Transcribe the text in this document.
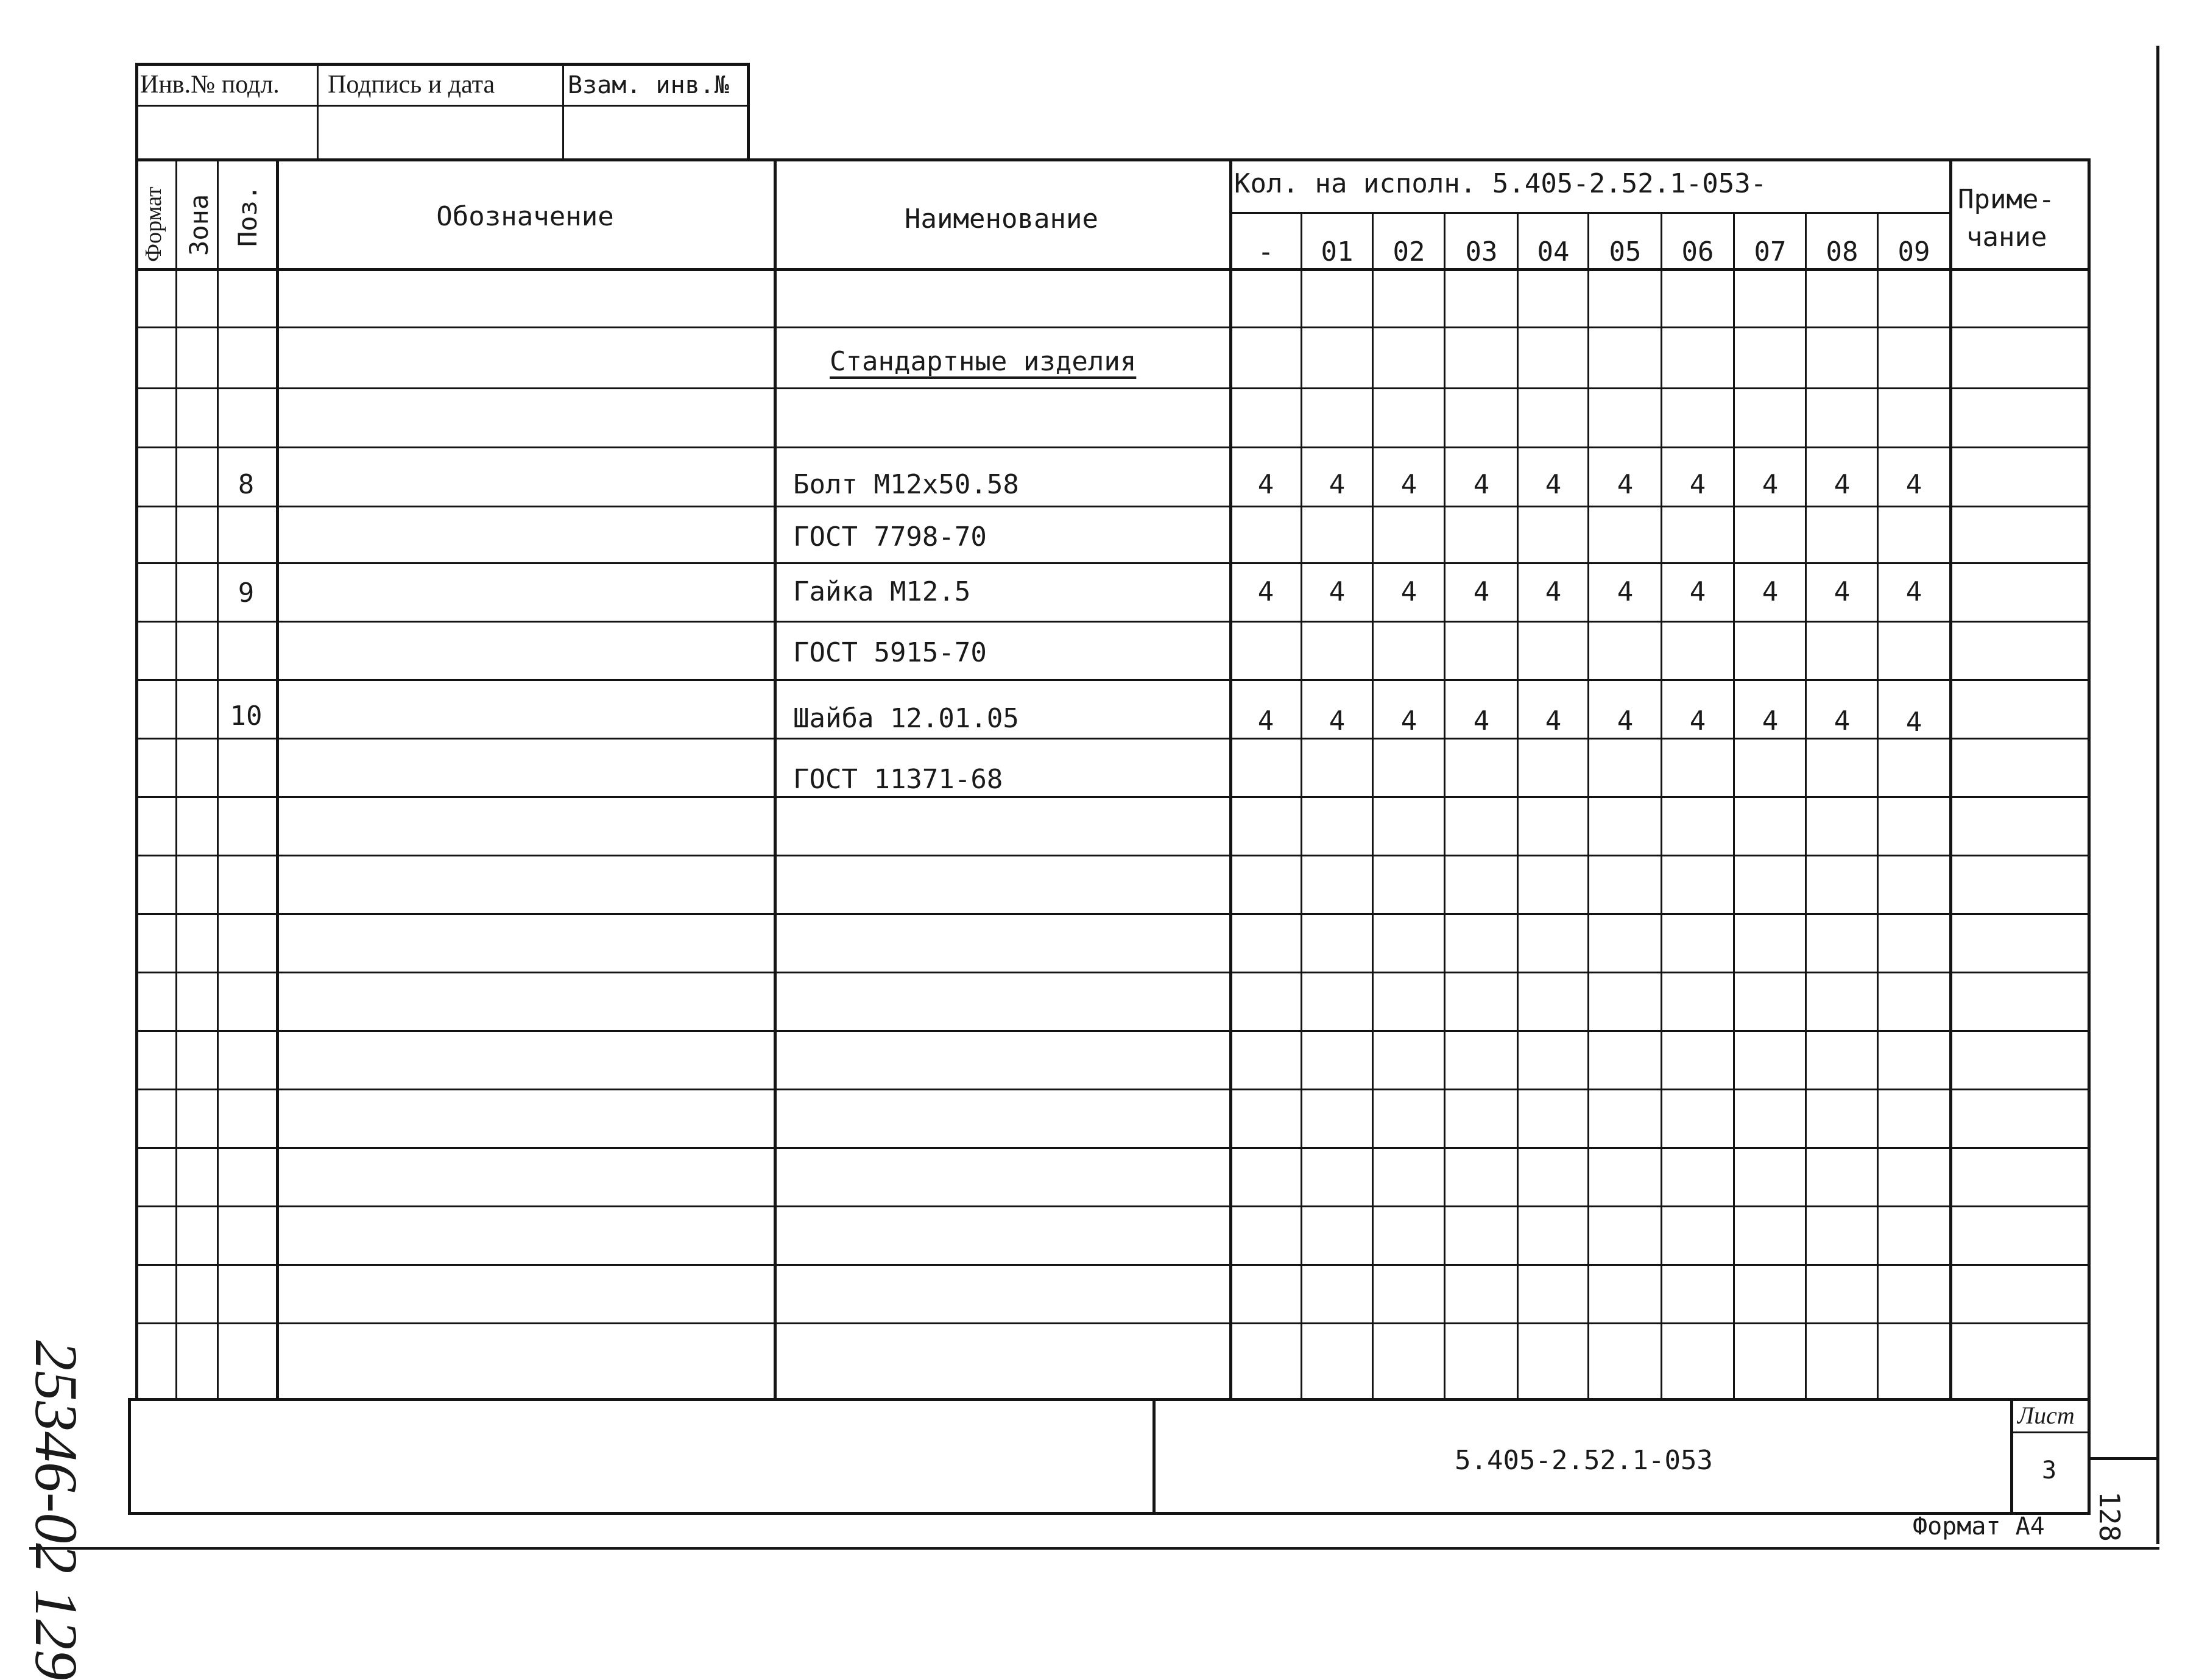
Инв.№ подл. Подпись и дата	Взам. инв.№
Формат Зона Поз.	Обозначение	Наименование
Кол. на исполн. 5.405-2.52.1-053-
Приме-
чание
- 01 02 03 04 05 06 07 08 09
Стандартные изделия
8	Болт М12х50.58	4 4 4 4 4 4 4 4 4 4
ГОСТ 7798-70
9	Гайка М12.5	4 4 4 4 4 4 4 4 4 4
ГОСТ 5915-70
10	Шайба 12.01.05	4 4 4 4 4 4 4 4 4 4
ГОСТ 11371-68
Лист
3
5.405-2.52.1-053
Формат А4 128
25346-02 129
